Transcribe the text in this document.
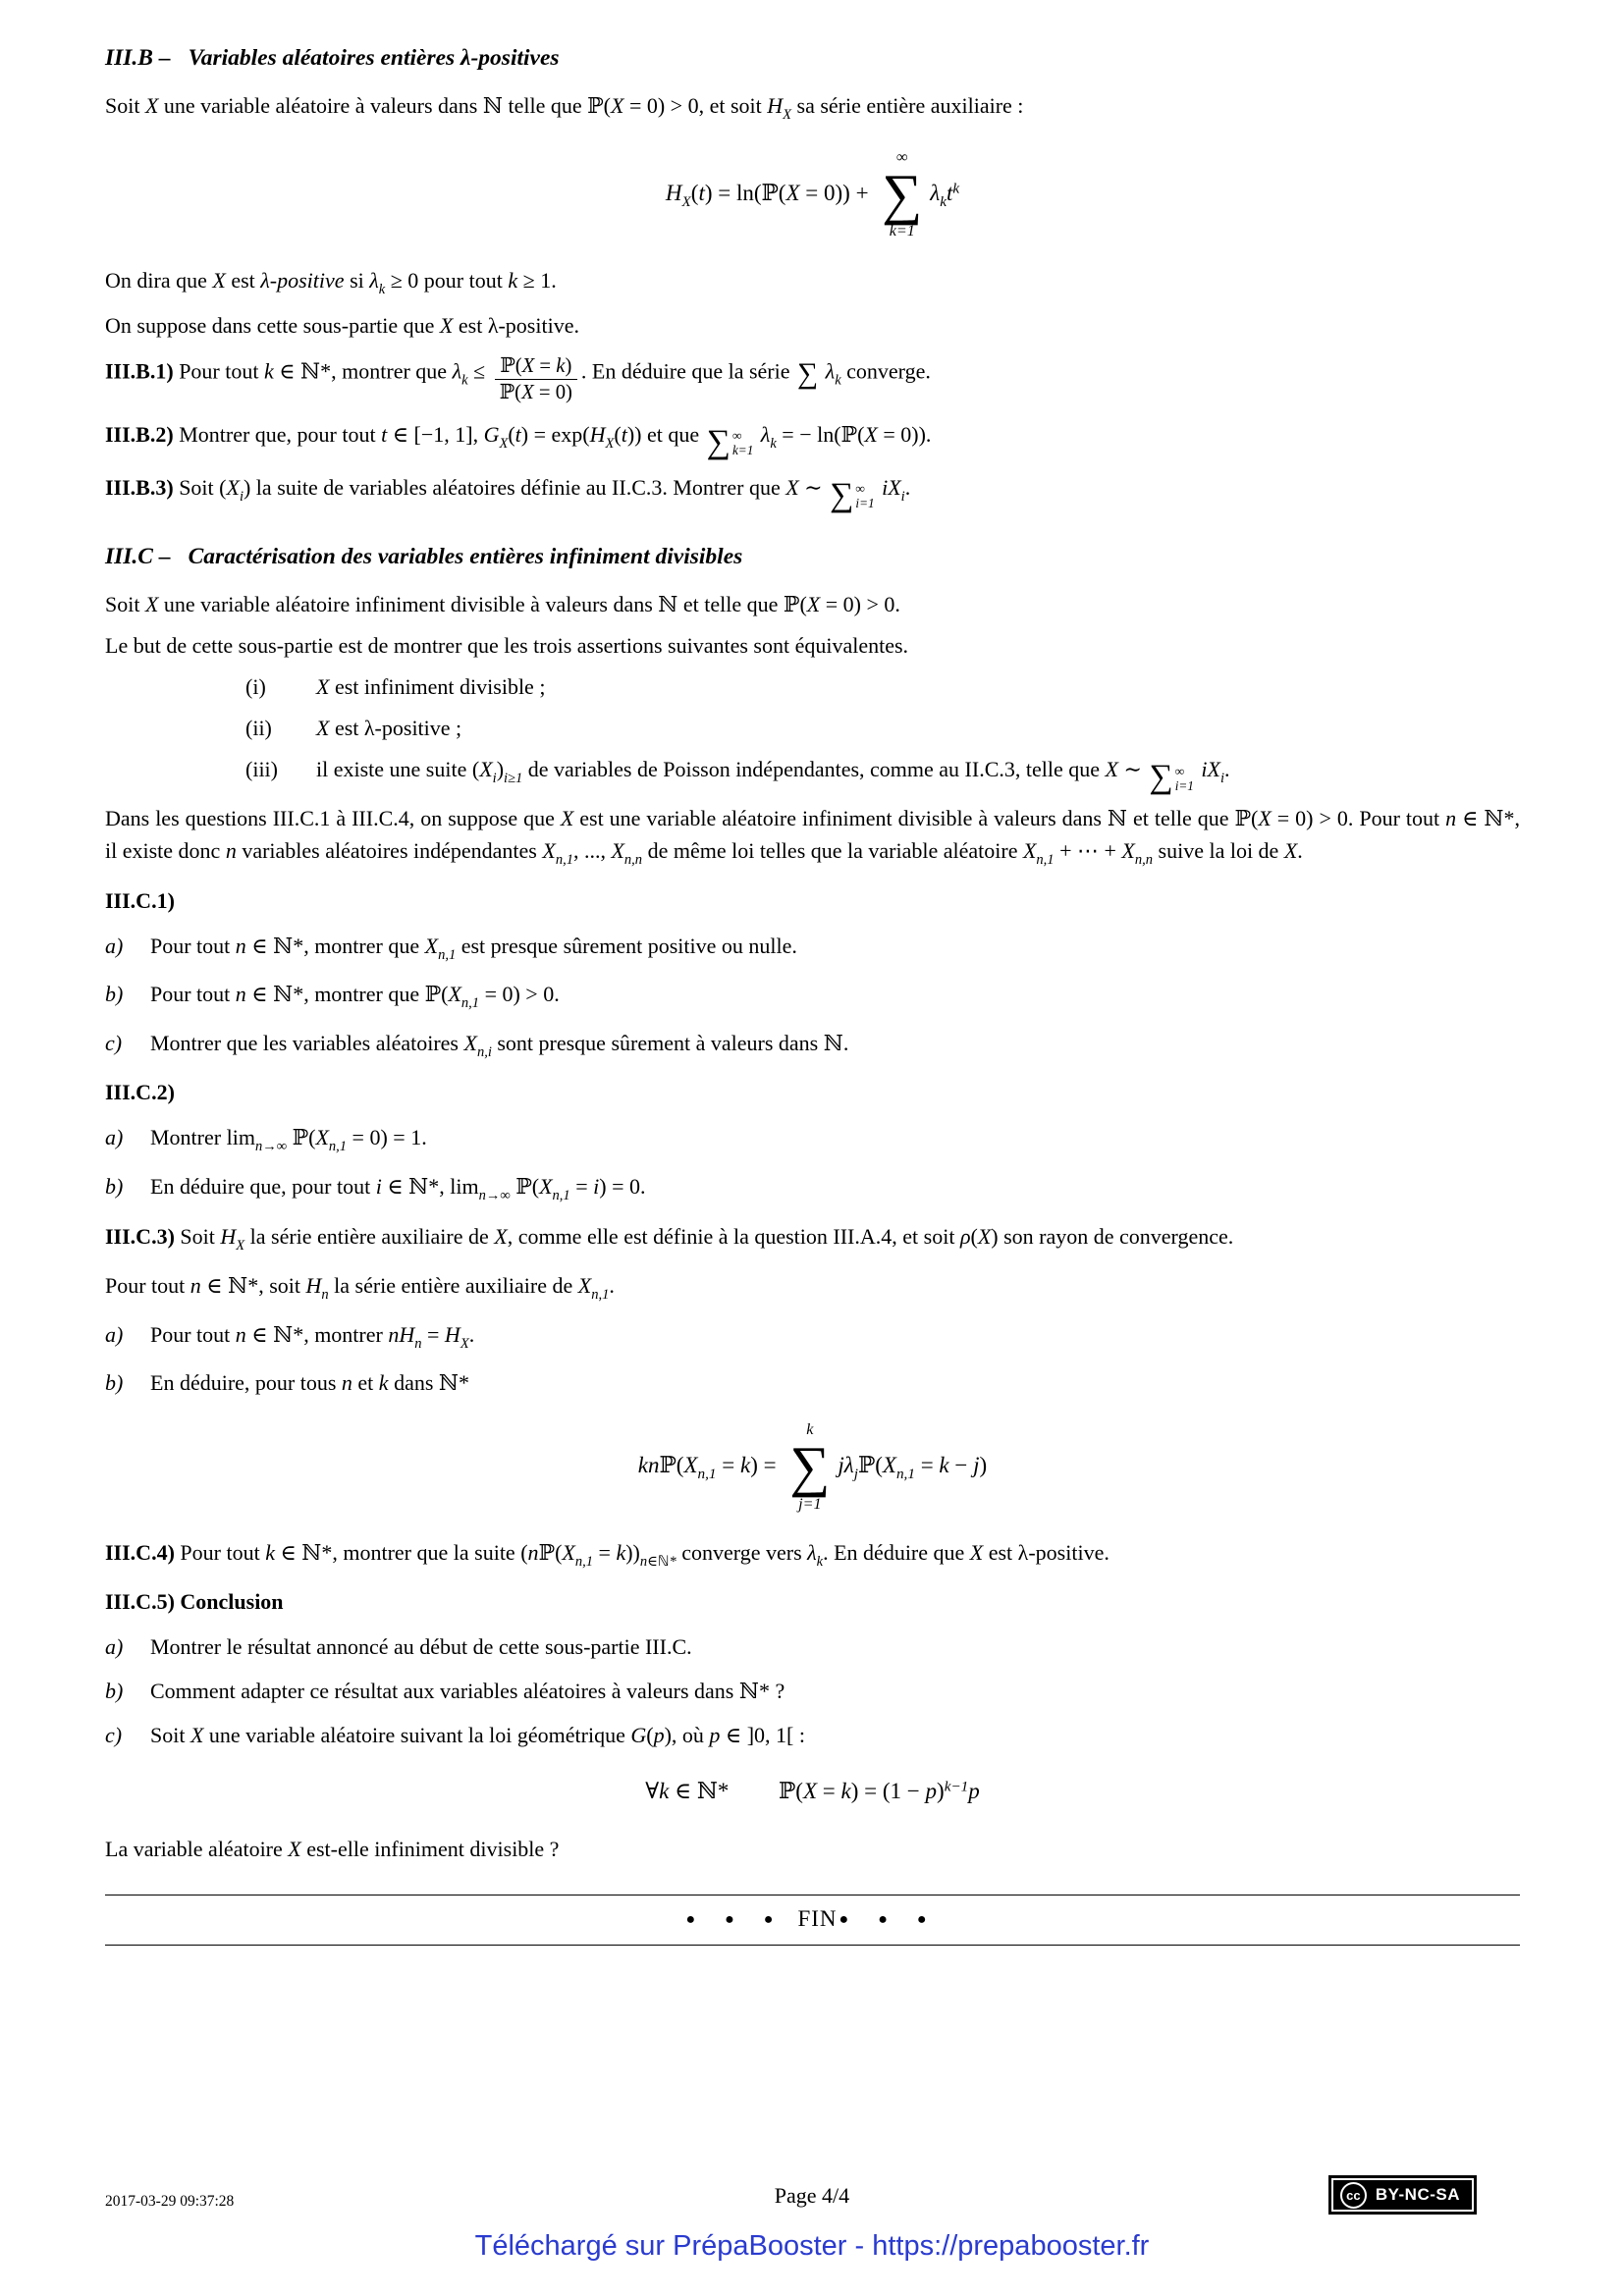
III.B – Variables aléatoires entières λ-positives
Soit X une variable aléatoire à valeurs dans ℕ telle que ℙ(X = 0) > 0, et soit $H_X$ sa série entière auxiliaire :
$H_X(t)$ = ln(ℙ(X = 0)) +
∞
∑
k=1
$\lambda_kt^k$
On dira que X est λ-positive si $\lambda_k \ge 0$ pour tout k ≥ 1.
On suppose dans cette sous-partie que X est λ-positive.
III.B.1) Pour tout k ∈ ℕ*, montrer que $\lambda_k \le \frac{\text{ℙ(X = k)}}{\text{ℙ(X = 0)}}$ . En déduire que la série ∑ $\lambda_k$ converge.
III.B.2) Montrer que, pour tout t ∈ [−1, 1], $G_X(t) = \exp(H_X(t))$ et que ∑ ∞
k=1
$\lambda_k$ = − ln(ℙ(X = 0)).
III.B.3) Soit $(X_i)$ la suite de variables aléatoires définie au II.C.3. Montrer que X ∼ ∑ ∞
i=1
$iX_i$.
III.C – Caractérisation des variables entières infiniment divisibles
Soit X une variable aléatoire infiniment divisible à valeurs dans ℕ et telle que ℙ(X = 0) > 0.
Le but de cette sous-partie est de montrer que les trois assertions suivantes sont équivalentes.
(i) X est infiniment divisible ;
(ii) X est λ-positive ;
(iii) il existe une suite $(X_i)_{i\ge 1}$ de variables de Poisson indépendantes, comme au II.C.3, telle que X ∼ ∑ ∞
i=1
$iX_i$.
Dans les questions III.C.1 à III.C.4, on suppose que X est une variable aléatoire infiniment divisible à valeurs dans ℕ et telle que ℙ(X = 0) > 0. Pour tout n ∈ ℕ*, il existe donc n variables aléatoires indépendantes $X_{n,1}$, ..., $X_{n,n}$ de même loi telles que la variable aléatoire $X_{n,1}$ + ⋯ + $X_{n,n}$ suive la loi de X.
III.C.1)
a) Pour tout n ∈ ℕ*, montrer que $X_{n,1}$ est presque sûrement positive ou nulle.
b) Pour tout n ∈ ℕ*, montrer que $ℙ(X_{n,1} = 0) > 0$.
c) Montrer que les variables aléatoires $X_{n,i}$ sont presque sûrement à valeurs dans ℕ.
III.C.2)
a) Montrer $\lim_{n\to\infty}$ $ℙ(X_{n,1} = 0) = 1$.
b) En déduire que, pour tout i ∈ ℕ*, $\lim_{n\to\infty}$ $ℙ(X_{n,1} = i) = 0$.
III.C.3) Soit $H_X$ la série entière auxiliaire de X, comme elle est définie à la question III.A.4, et soit ρ(X) son rayon de convergence.
Pour tout n ∈ ℕ*, soit $H_n$ la série entière auxiliaire de $X_{n,1}$.
a) Pour tout n ∈ ℕ*, montrer $nH_n = H_X$.
b) En déduire, pour tous n et k dans ℕ*
$knℙ(X_{n,1} = k)$ =
k
∑
j=1
$j\lambda_jℙ(X_{n,1} = k - j)$
III.C.4) Pour tout k ∈ ℕ*, montrer que la suite $(nℙ(X_{n,1} = k))_{n\in ℕ*}$ converge vers $\lambda_k$. En déduire que X est λ-positive.
III.C.5) Conclusion
a) Montrer le résultat annoncé au début de cette sous-partie III.C.
b) Comment adapter ce résultat aux variables aléatoires à valeurs dans ℕ* ?
c) Soit X une variable aléatoire suivant la loi géométrique G(p), où p ∈ ]0, 1[ :
∀k ∈ ℕ* ℙ(X = $k) = (1 - p)^{k-1}p$
La variable aléatoire X est-elle infiniment divisible ?
● ● ● FIN ● ● ●
2017-03-29 09:37:28	Page 4/4	cc BY-NC-SA
Téléchargé sur PrépaBooster - https://prepabooster.fr
